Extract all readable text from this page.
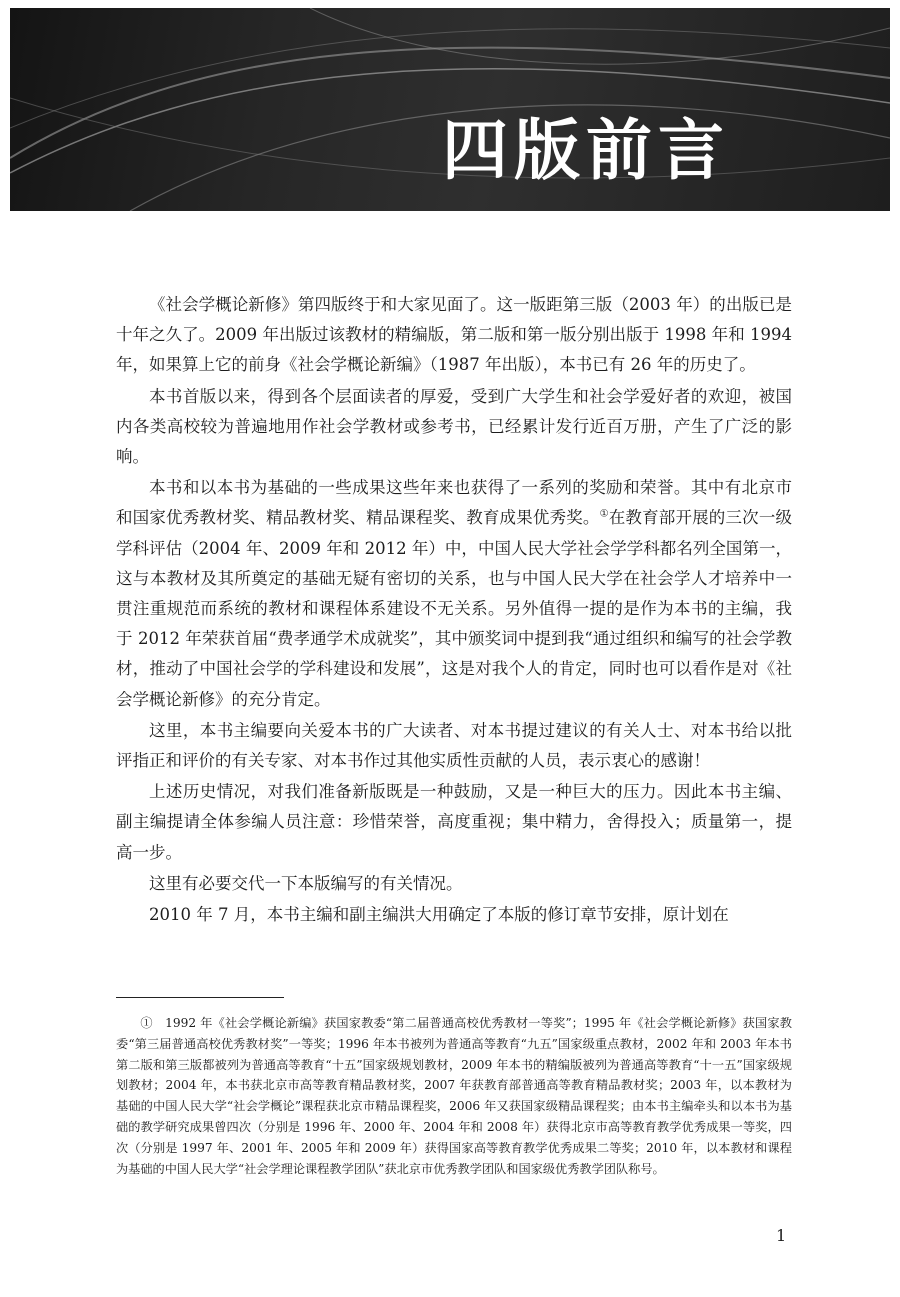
四版前言

《社会学概论新修》第四版终于和大家见面了。这一版距第三版（2003 年）的出版已是十年之久了。2009 年出版过该教材的精编版，第二版和第一版分别出版于 1998 年和 1994 年，如果算上它的前身《社会学概论新编》（1987 年出版），本书已有 26 年的历史了。

本书首版以来，得到各个层面读者的厚爱，受到广大学生和社会学爱好者的欢迎，被国内各类高校较为普遍地用作社会学教材或参考书，已经累计发行近百万册，产生了广泛的影响。

本书和以本书为基础的一些成果这些年来也获得了一系列的奖励和荣誉。其中有北京市和国家优秀教材奖、精品教材奖、精品课程奖、教育成果优秀奖。①在教育部开展的三次一级学科评估（2004 年、2009 年和 2012 年）中，中国人民大学社会学学科都名列全国第一，这与本教材及其所奠定的基础无疑有密切的关系，也与中国人民大学在社会学人才培养中一贯注重规范而系统的教材和课程体系建设不无关系。另外值得一提的是作为本书的主编，我于 2012 年荣获首届“费孝通学术成就奖”，其中颁奖词中提到我“通过组织和编写的社会学教材，推动了中国社会学的学科建设和发展”，这是对我个人的肯定，同时也可以看作是对《社会学概论新修》的充分肯定。

这里，本书主编要向关爱本书的广大读者、对本书提过建议的有关人士、对本书给以批评指正和评价的有关专家、对本书作过其他实质性贡献的人员，表示衷心的感谢！

上述历史情况，对我们准备新版既是一种鼓励，又是一种巨大的压力。因此本书主编、副主编提请全体参编人员注意：珍惜荣誉，高度重视；集中精力，舍得投入；质量第一，提高一步。

这里有必要交代一下本版编写的有关情况。

2010 年 7 月，本书主编和副主编洪大用确定了本版的修订章节安排，原计划在

①　1992 年《社会学概论新编》获国家教委“第二届普通高校优秀教材一等奖”；1995 年《社会学概论新修》获国家教委“第三届普通高校优秀教材奖”一等奖；1996 年本书被列为普通高等教育“九五”国家级重点教材，2002 年和 2003 年本书第二版和第三版都被列为普通高等教育“十五”国家级规划教材，2009 年本书的精编版被列为普通高等教育“十一五”国家级规划教材；2004 年，本书获北京市高等教育精品教材奖，2007 年获教育部普通高等教育精品教材奖；2003 年，以本教材为基础的中国人民大学“社会学概论”课程获北京市精品课程奖，2006 年又获国家级精品课程奖；由本书主编牵头和以本书为基础的教学研究成果曾四次（分别是 1996 年、2000 年、2004 年和 2008 年）获得北京市高等教育教学优秀成果一等奖，四次（分别是 1997 年、2001 年、2005 年和 2009 年）获得国家高等教育教学优秀成果二等奖；2010 年，以本教材和课程为基础的中国人民大学“社会学理论课程教学团队”获北京市优秀教学团队和国家级优秀教学团队称号。

1
